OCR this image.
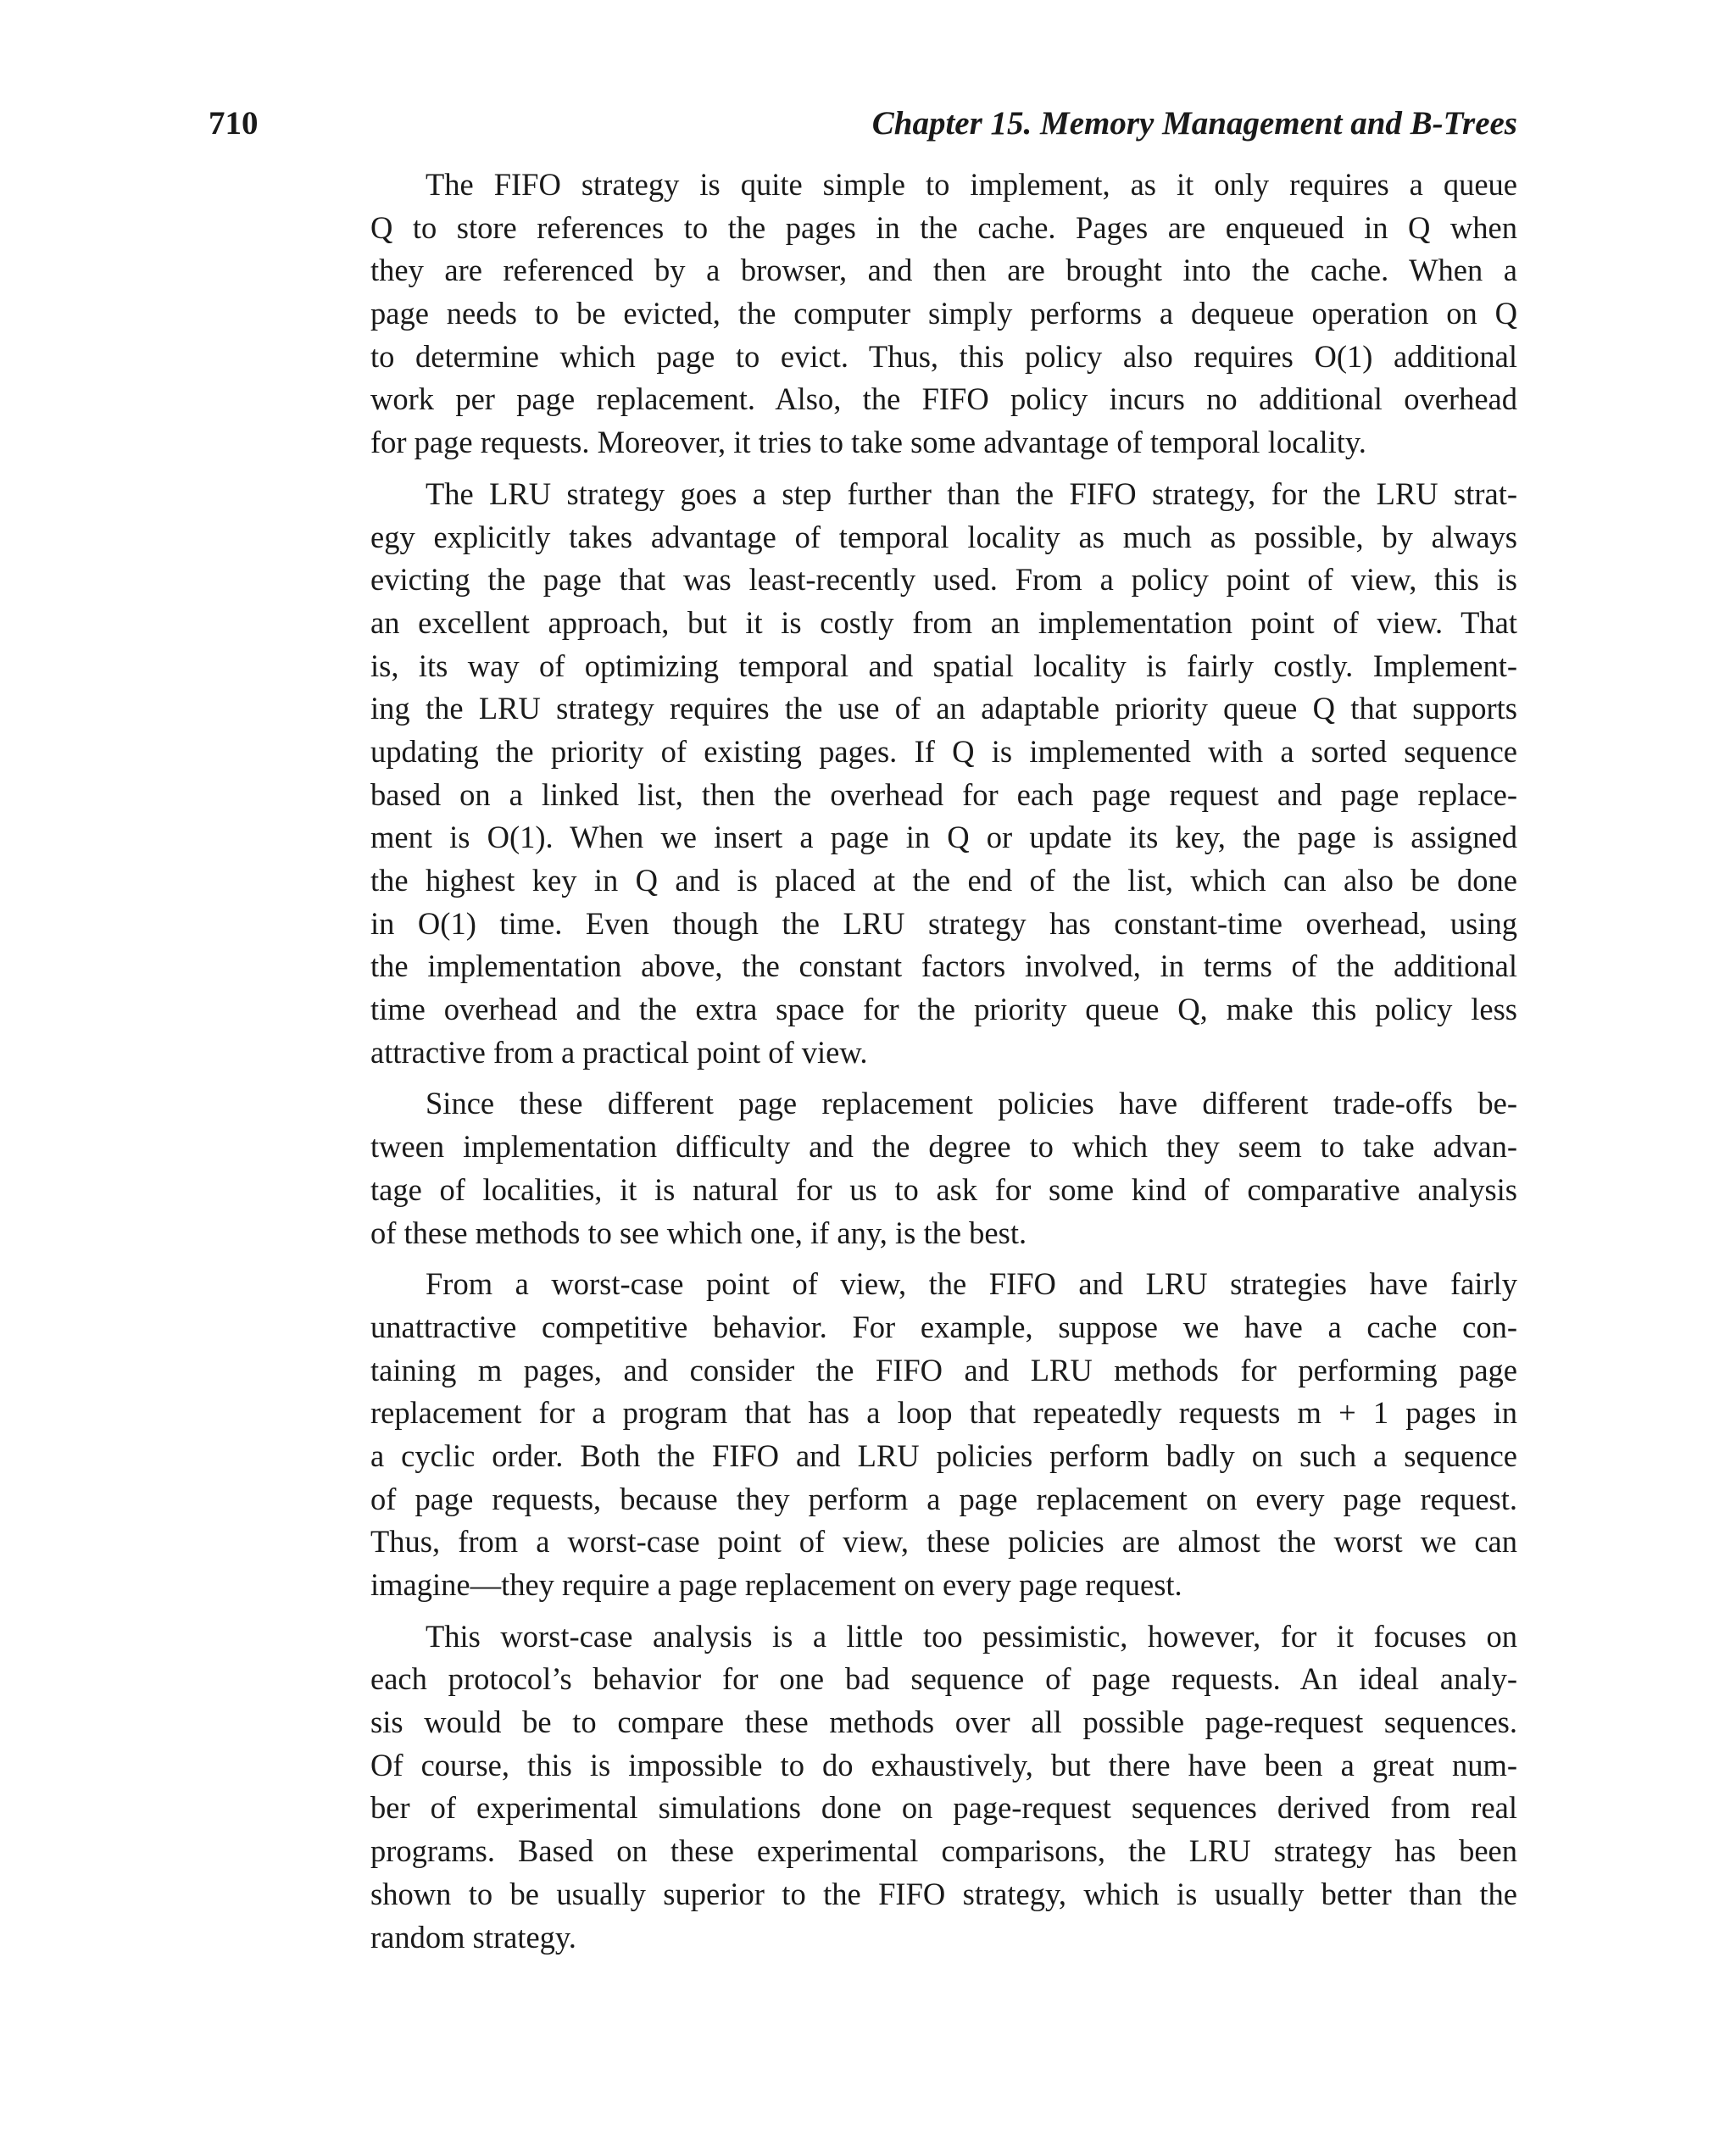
710	Chapter 15. Memory Management and B-Trees
The FIFO strategy is quite simple to implement, as it only requires a queue
Q to store references to the pages in the cache. Pages are enqueued in Q when
they are referenced by a browser, and then are brought into the cache. When a
page needs to be evicted, the computer simply performs a dequeue operation on Q
to determine which page to evict. Thus, this policy also requires O(1) additional
work per page replacement. Also, the FIFO policy incurs no additional overhead
for page requests. Moreover, it tries to take some advantage of temporal locality.
The LRU strategy goes a step further than the FIFO strategy, for the LRU strat-
egy explicitly takes advantage of temporal locality as much as possible, by always
evicting the page that was least-recently used. From a policy point of view, this is
an excellent approach, but it is costly from an implementation point of view. That
is, its way of optimizing temporal and spatial locality is fairly costly. Implement-
ing the LRU strategy requires the use of an adaptable priority queue Q that supports
updating the priority of existing pages. If Q is implemented with a sorted sequence
based on a linked list, then the overhead for each page request and page replace-
ment is O(1). When we insert a page in Q or update its key, the page is assigned
the highest key in Q and is placed at the end of the list, which can also be done
in O(1) time. Even though the LRU strategy has constant-time overhead, using
the implementation above, the constant factors involved, in terms of the additional
time overhead and the extra space for the priority queue Q, make this policy less
attractive from a practical point of view.
Since these different page replacement policies have different trade-offs be-
tween implementation difficulty and the degree to which they seem to take advan-
tage of localities, it is natural for us to ask for some kind of comparative analysis
of these methods to see which one, if any, is the best.
From a worst-case point of view, the FIFO and LRU strategies have fairly
unattractive competitive behavior. For example, suppose we have a cache con-
taining m pages, and consider the FIFO and LRU methods for performing page
replacement for a program that has a loop that repeatedly requests m + 1 pages in
a cyclic order. Both the FIFO and LRU policies perform badly on such a sequence
of page requests, because they perform a page replacement on every page request.
Thus, from a worst-case point of view, these policies are almost the worst we can
imagine—they require a page replacement on every page request.
This worst-case analysis is a little too pessimistic, however, for it focuses on
each protocol’s behavior for one bad sequence of page requests. An ideal analy-
sis would be to compare these methods over all possible page-request sequences.
Of course, this is impossible to do exhaustively, but there have been a great num-
ber of experimental simulations done on page-request sequences derived from real
programs. Based on these experimental comparisons, the LRU strategy has been
shown to be usually superior to the FIFO strategy, which is usually better than the
random strategy.
